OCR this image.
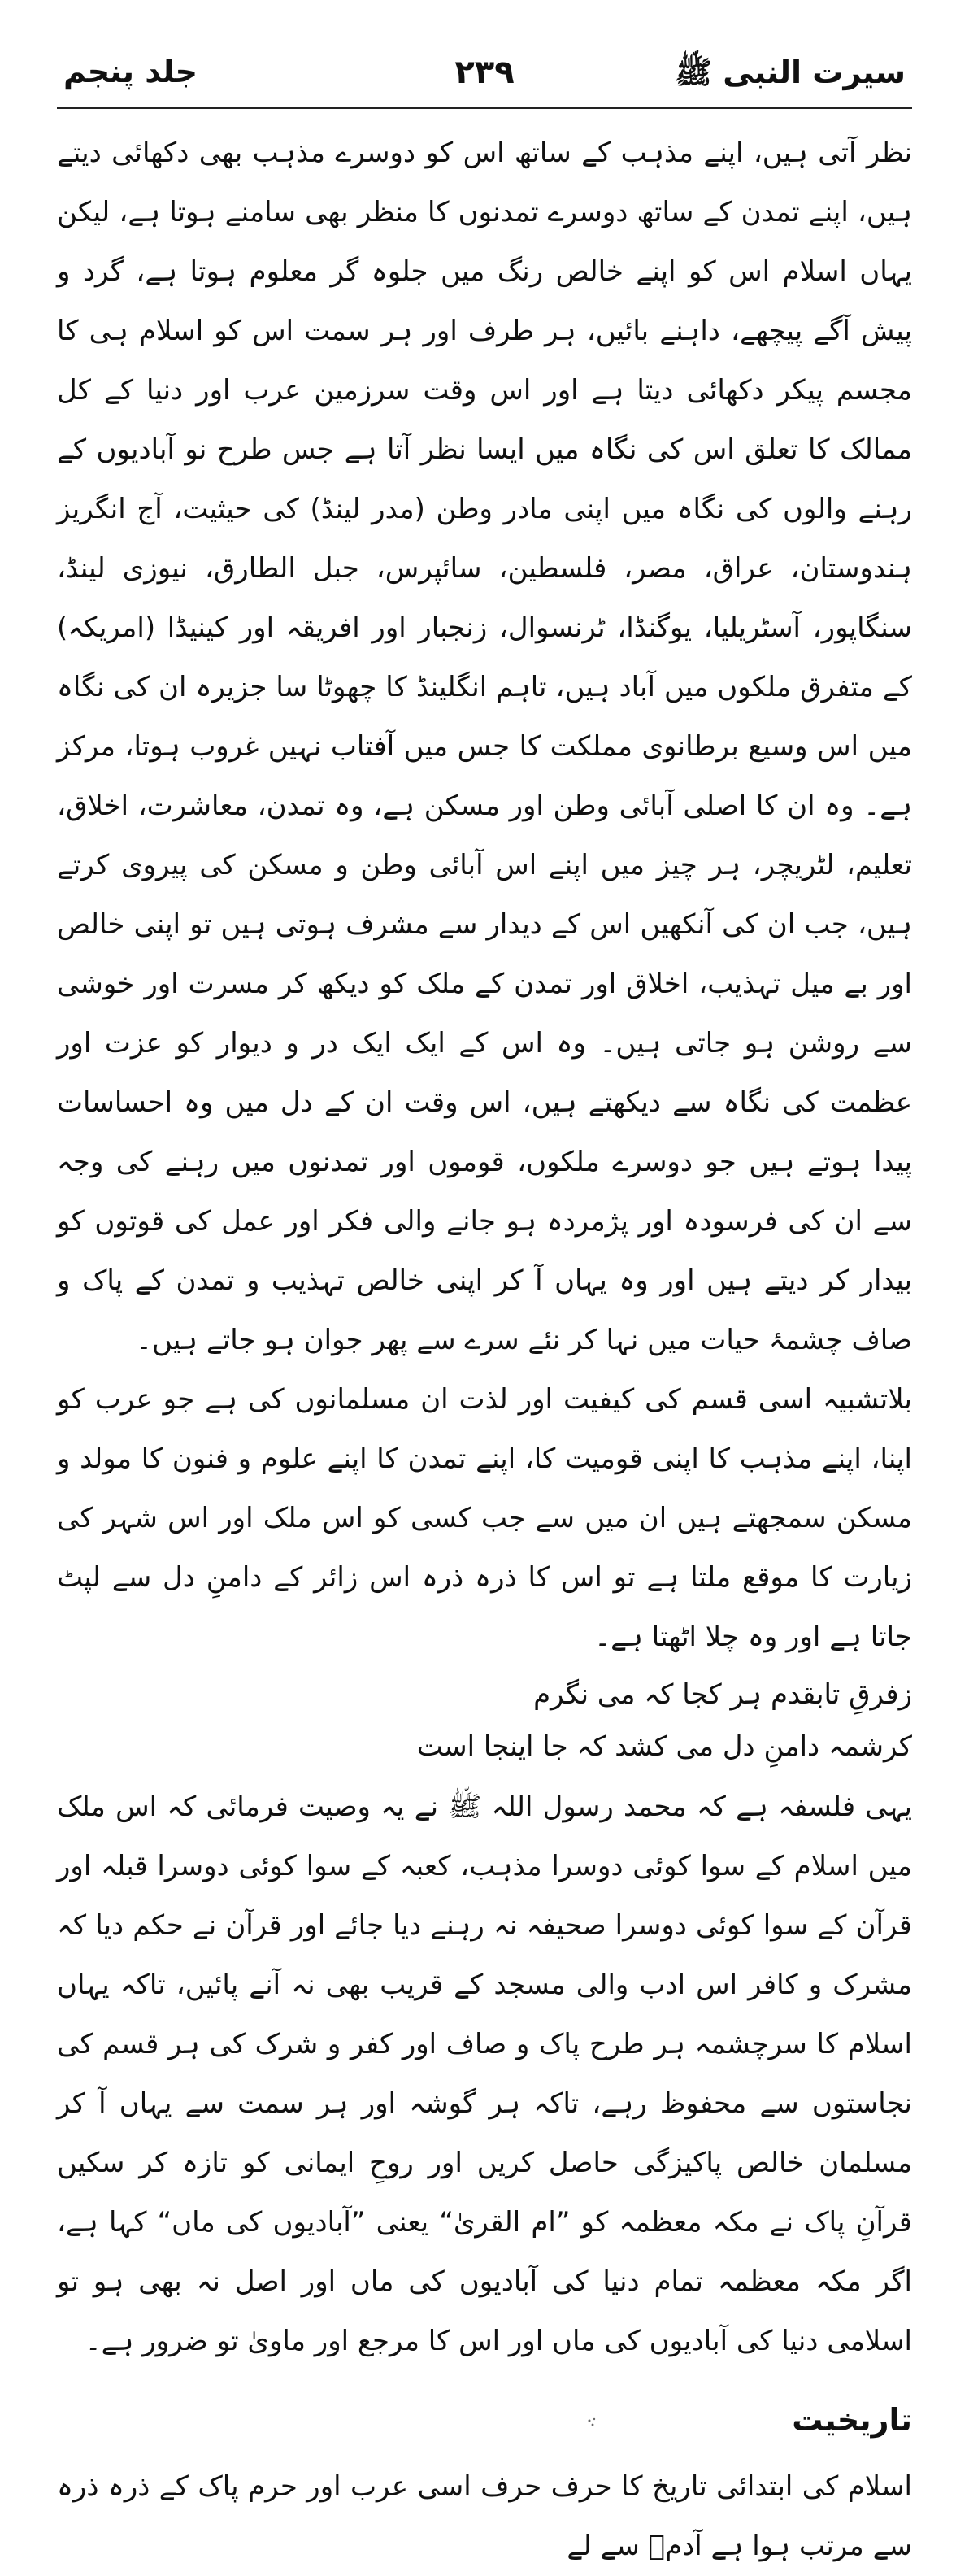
سیرت النبی ﷺ
۲۳۹
جلد پنجم

نظر آتی ہیں، اپنے مذہب کے ساتھ اس کو دوسرے مذہب بھی دکھائی دیتے ہیں، اپنے تمدن کے ساتھ دوسرے تمدنوں کا منظر بھی سامنے ہوتا ہے، لیکن یہاں اسلام اس کو اپنے خالص رنگ میں جلوہ گر معلوم ہوتا ہے، گرد و پیش آگے پیچھے، داہنے بائیں، ہر طرف اور ہر سمت اس کو اسلام ہی کا مجسم پیکر دکھائی دیتا ہے اور اس وقت سرزمین عرب اور دنیا کے کل ممالک کا تعلق اس کی نگاہ میں ایسا نظر آتا ہے جس طرح نو آبادیوں کے رہنے والوں کی نگاہ میں اپنی مادر وطن (مدر لینڈ) کی حیثیت، آج انگریز ہندوستان، عراق، مصر، فلسطین، سائپرس، جبل الطارق، نیوزی لینڈ، سنگاپور، آسٹریلیا، یوگنڈا، ٹرنسوال، زنجبار اور افریقہ اور کینیڈا (امریکہ) کے متفرق ملکوں میں آباد ہیں، تاہم انگلینڈ کا چھوٹا سا جزیرہ ان کی نگاہ میں اس وسیع برطانوی مملکت کا جس میں آفتاب نہیں غروب ہوتا، مرکز ہے۔ وہ ان کا اصلی آبائی وطن اور مسکن ہے، وہ تمدن، معاشرت، اخلاق، تعلیم، لٹریچر، ہر چیز میں اپنے اس آبائی وطن و مسکن کی پیروی کرتے ہیں، جب ان کی آنکھیں اس کے دیدار سے مشرف ہوتی ہیں تو اپنی خالص اور بے میل تہذیب، اخلاق اور تمدن کے ملک کو دیکھ کر مسرت اور خوشی سے روشن ہو جاتی ہیں۔ وہ اس کے ایک ایک در و دیوار کو عزت اور عظمت کی نگاہ سے دیکھتے ہیں، اس وقت ان کے دل میں وہ احساسات پیدا ہوتے ہیں جو دوسرے ملکوں، قوموں اور تمدنوں میں رہنے کی وجہ سے ان کی فرسودہ اور پژمردہ ہو جانے والی فکر اور عمل کی قوتوں کو بیدار کر دیتے ہیں اور وہ یہاں آ کر اپنی خالص تہذیب و تمدن کے پاک و صاف چشمۂ حیات میں نہا کر نئے سرے سے پھر جوان ہو جاتے ہیں۔

بلاتشبیہ اسی قسم کی کیفیت اور لذت ان مسلمانوں کی ہے جو عرب کو اپنا، اپنے مذہب کا اپنی قومیت کا، اپنے تمدن کا اپنے علوم و فنون کا مولد و مسکن سمجھتے ہیں ان میں سے جب کسی کو اس ملک اور اس شہر کی زیارت کا موقع ملتا ہے تو اس کا ذرہ ذرہ اس زائر کے دامنِ دل سے لپٹ جاتا ہے اور وہ چلا اٹھتا ہے۔

زفرقِ تابقدم ہر کجا کہ می نگرم
کرشمہ دامنِ دل می کشد کہ جا اینجا است

یہی فلسفہ ہے کہ محمد رسول اللہ ﷺ نے یہ وصیت فرمائی کہ اس ملک میں اسلام کے سوا کوئی دوسرا مذہب، کعبہ کے سوا کوئی دوسرا قبلہ اور قرآن کے سوا کوئی دوسرا صحیفہ نہ رہنے دیا جائے اور قرآن نے حکم دیا کہ مشرک و کافر اس ادب والی مسجد کے قریب بھی نہ آنے پائیں، تاکہ یہاں اسلام کا سرچشمہ ہر طرح پاک و صاف اور کفر و شرک کی ہر قسم کی نجاستوں سے محفوظ رہے، تاکہ ہر گوشہ اور ہر سمت سے یہاں آ کر مسلمان خالص پاکیزگی حاصل کریں اور روحِ ایمانی کو تازہ کر سکیں قرآنِ پاک نے مکہ معظمہ کو ”ام القریٰ“ یعنی ”آبادیوں کی ماں“ کہا ہے، اگر مکہ معظمہ تمام دنیا کی آبادیوں کی ماں اور اصل نہ بھی ہو تو اسلامی دنیا کی آبادیوں کی ماں اور اس کا مرجع اور ماویٰ تو ضرور ہے۔

تاریخیت

اسلام کی ابتدائی تاریخ کا حرف حرف اسی عرب اور حرم پاک کے ذرہ ذرہ سے مرتب ہوا ہے آدمؑ سے لے
